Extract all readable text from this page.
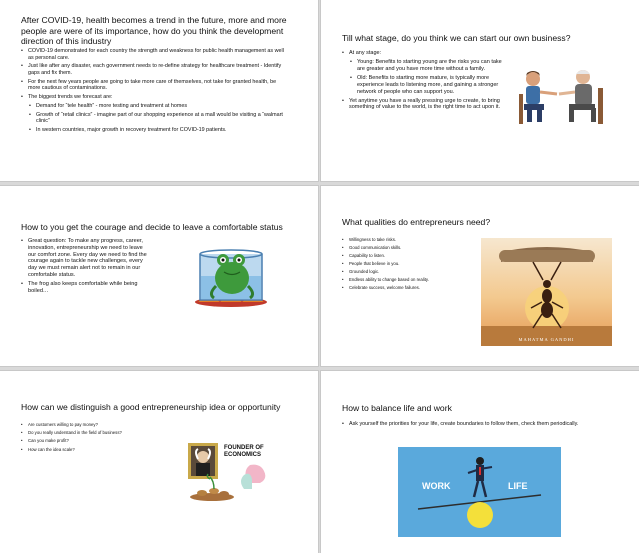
After COVID-19, health becomes a trend in the future, more and more people are were of its importance, how do you think the development direction of this industry
• COVID-19 demonstrated for each country the strength and weakness for public health management as well as personal care.
• Just like after any disaster, each government needs to re-define strategy for healthcare treatment - Identify gaps and fix them.
• For the next few years people are going to take more care of themselves, not take for granted health, be more cautious of contaminations.
• The biggest trends we forecast are:
• Demand for “tele health” - more testing and treatment at homes
• Growth of “retail clinics” - imagine part of our shopping experience at a mall would be visiting a “walmart clinic”
• In western countries, major growth in recovery treatment for COVID-19 patients.
Till what stage, do you think we can start our own business?
• At any stage:
• Young: Benefits to starting young are the risks you can take are greater and you have more time without a family.
• Old: Benefits to starting more mature, is typically more experience leads to listening more, and gaining a stronger network of people who can support you.
• Yet anytime you have a really pressing urge to create, to bring something of value to the world, is the right time to act upon it.
How to you get the courage and decide to leave a comfortable status
• Great question: To make any progress, career, innovation, entrepreneurship we need to leave our comfort zone. Every day we need to find the courage again to tackle new challenges, every day we must remain alert not to remain in our comfortable status.
• The frog also keeps comfortable while being boiled…
What qualities do entrepreneurs need?
• Willingness to take risks.
• Good communication skills.
• Capability to listen.
• People that believe in you.
• Grounded logic.
• Endless ability to change based on reality.
• Celebrate success, welcome failures.
MAHATMA GANDHI
How can we distinguish a good entrepreneurship idea or opportunity
• Are customers willing to pay money?
• Do you really understand in the field of business?
• Can you make profit?
• How can the idea scale?	FOUNDER OF
ECONOMICS
How to balance life and work
• Ask yourself the priorities for your life, create boundaries to follow them, check them periodically.
WORK	LIFE
